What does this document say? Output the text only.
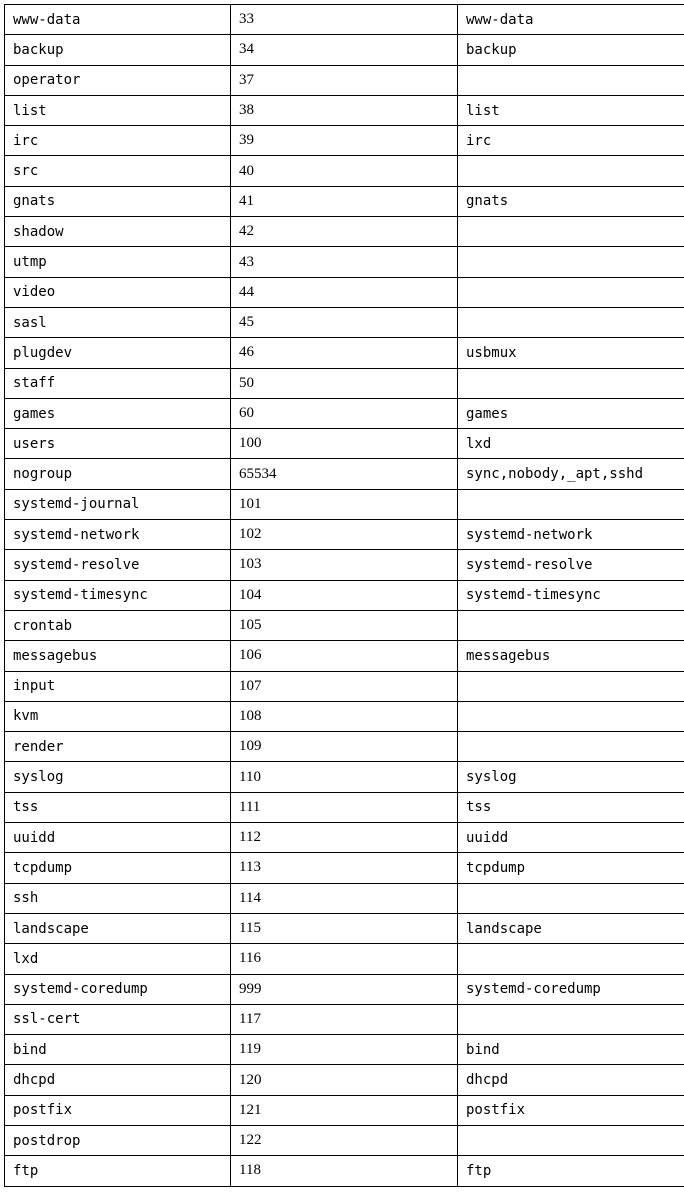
www-data	33	www-data
backup	34	backup
operator	37	
list	38	list
irc	39	irc
src	40	
gnats	41	gnats
shadow	42	
utmp	43	
video	44	
sasl	45	
plugdev	46	usbmux
staff	50	
games	60	games
users	100	lxd
nogroup	65534	sync,nobody,_apt,sshd
systemd-journal	101	
systemd-network	102	systemd-network
systemd-resolve	103	systemd-resolve
systemd-timesync	104	systemd-timesync
crontab	105	
messagebus	106	messagebus
input	107	
kvm	108	
render	109	
syslog	110	syslog
tss	111	tss
uuidd	112	uuidd
tcpdump	113	tcpdump
ssh	114	
landscape	115	landscape
lxd	116	
systemd-coredump	999	systemd-coredump
ssl-cert	117	
bind	119	bind
dhcpd	120	dhcpd
postfix	121	postfix
postdrop	122	
ftp	118	ftp
